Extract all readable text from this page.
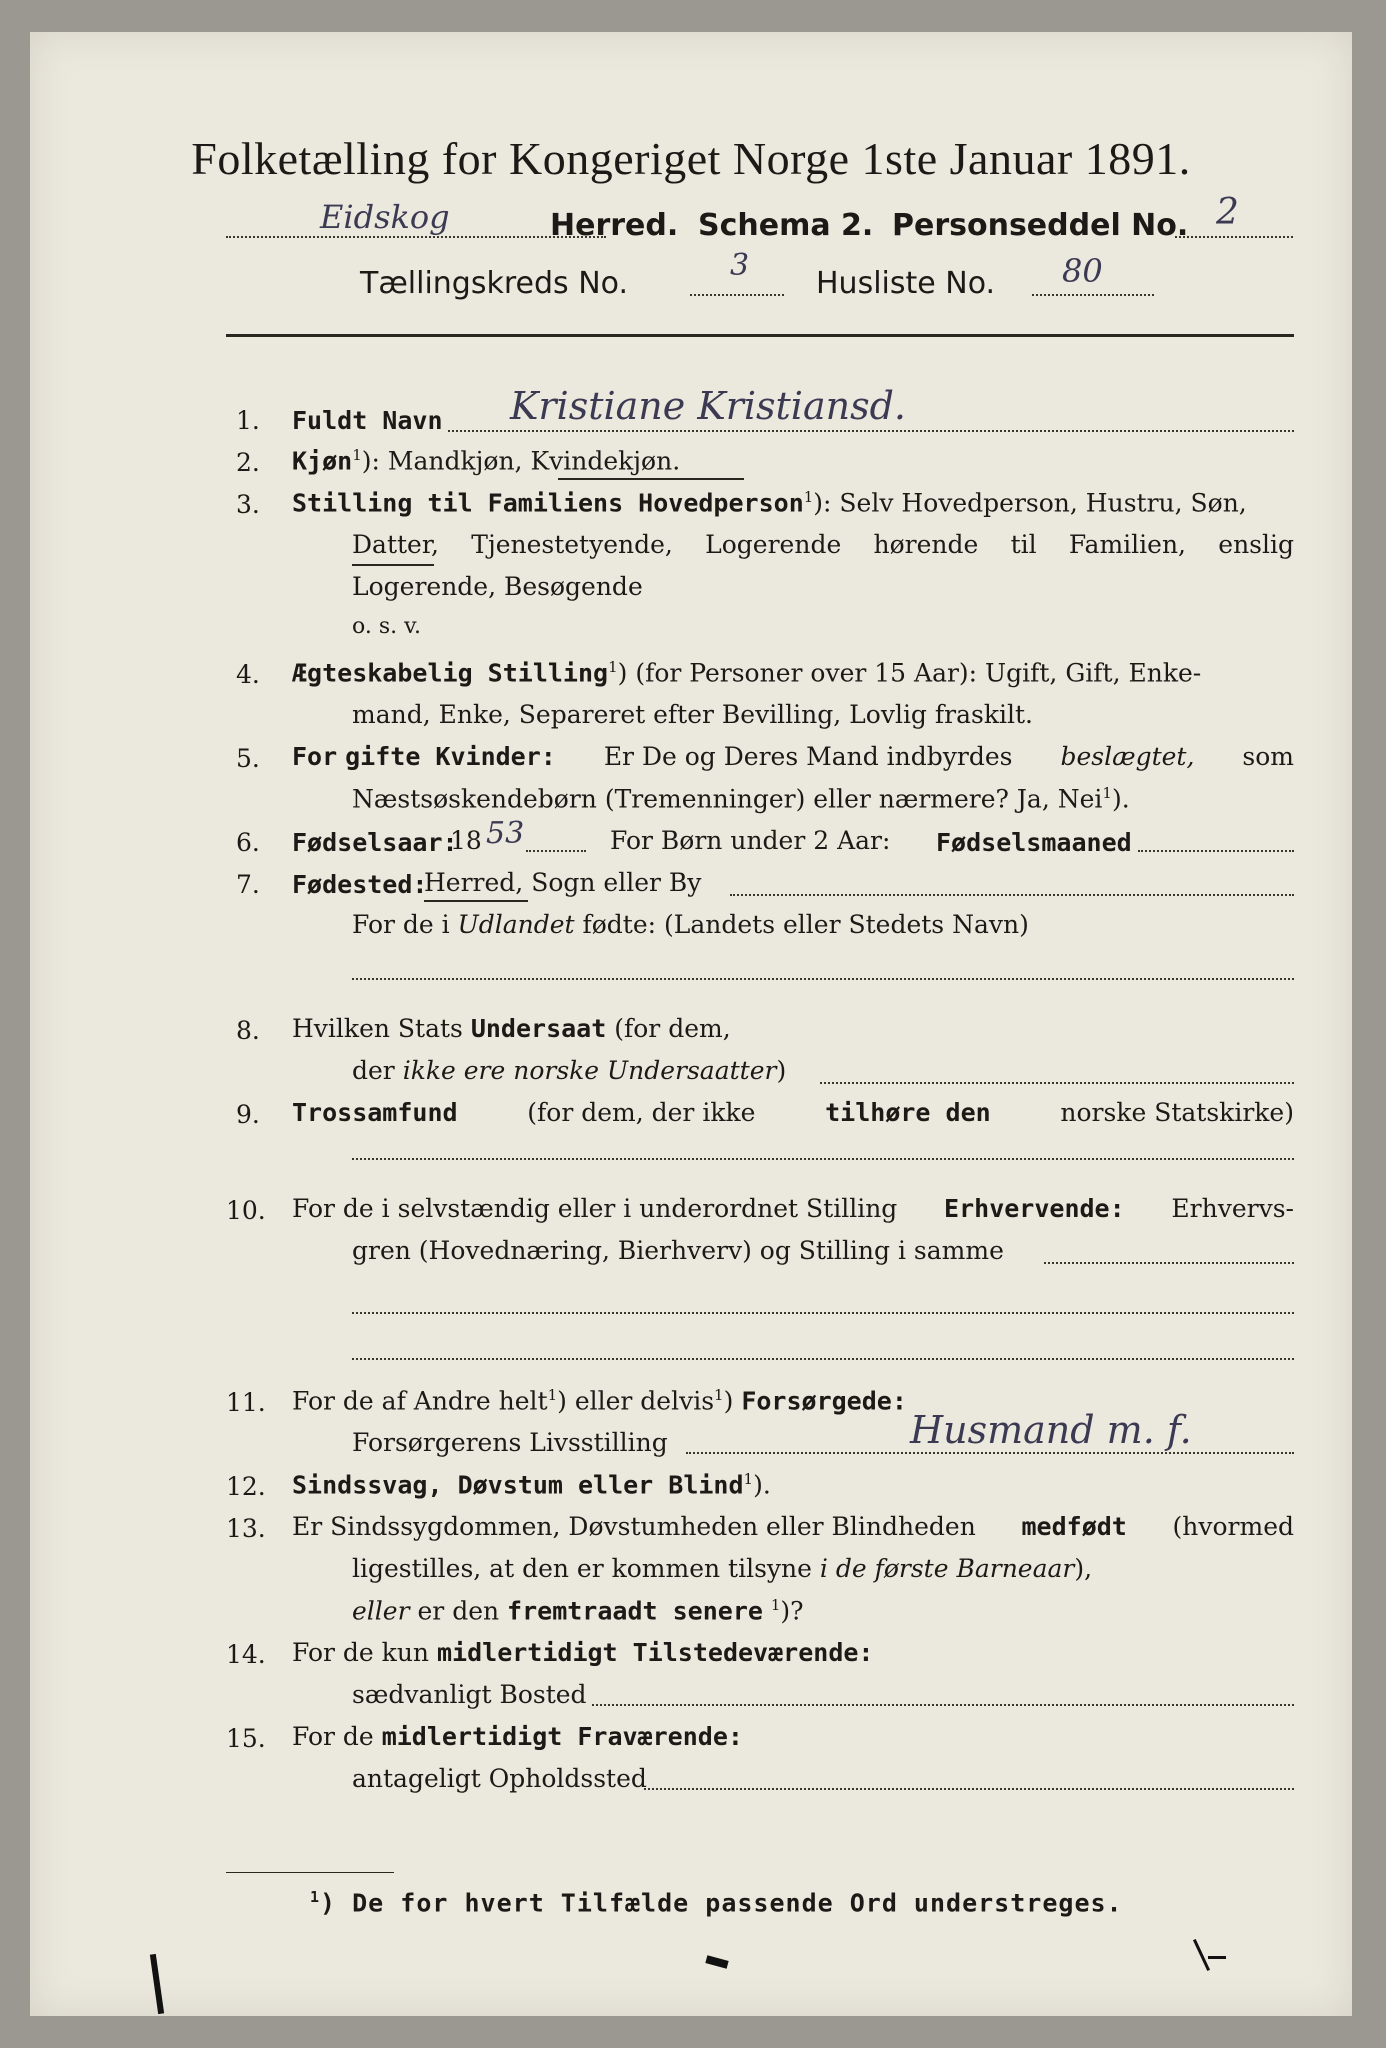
Folketælling for Kongeriget Norge 1ste Januar 1891.
Eidskog	Herred. Schema 2. Personseddel No. 2
Tællingskreds No.
3
Husliste No. 80
1. Fuldt Navn Kristiane Kristiansd.
2. Kjøn$^1$): Mandkjøn, Kvindekjøn.
3. Stilling til Familiens Hovedperson$^1$): Selv Hovedperson, Hustru, Søn,
Datter, Tjenestetyende, Logerende hørende til Familien, enslig
Logerende, Besøgende
o. s. v.
4. Ægteskabelig Stilling$^1$) (for Personer over 15 Aar): Ugift, Gift, Enke-
mand, Enke, Separeret efter Bevilling, Lovlig fraskilt.
5. For gifte Kvinder: Er De og Deres Mand indbyrdes beslægtet, som
Næstsøskendebørn (Tremenninger) eller nærmere? Ja, Nei$^1$).
6. Fødselsaar:
18 53	For Børn under 2 Aar: Fødselsmaaned
7. Fødested:
Herred, Sogn eller By
For de i Udlandet fødte: (Landets eller Stedets Navn)
8. Hvilken Stats Undersaat (for dem,
der ikke ere norske Undersaatter)
9. Trossamfund	(for dem, der ikke	tilhøre den	norske Statskirke)
10. For de i selvstændig eller i underordnet Stilling Erhvervende: Erhvervs-
gren (Hovednæring, Bierhverv) og Stilling i samme
11. For de af Andre helt$^1$) eller delvis$^1$) Forsørgede:
Forsørgerens Livsstilling	Husmand m. f.
12. Sindssvag, Døvstum eller Blind$^1$).
13. Er Sindssygdommen, Døvstumheden eller Blindheden medfødt (hvormed
ligestilles, at den er kommen tilsyne i de første Barneaar),
eller er den fremtraadt senere $^1$)?
14. For de kun midlertidigt Tilstedeværende:
sædvanligt Bosted
15. For de midlertidigt Fraværende:
antageligt Opholdssted
$^1$) De for hvert Tilfælde passende Ord understreges.
